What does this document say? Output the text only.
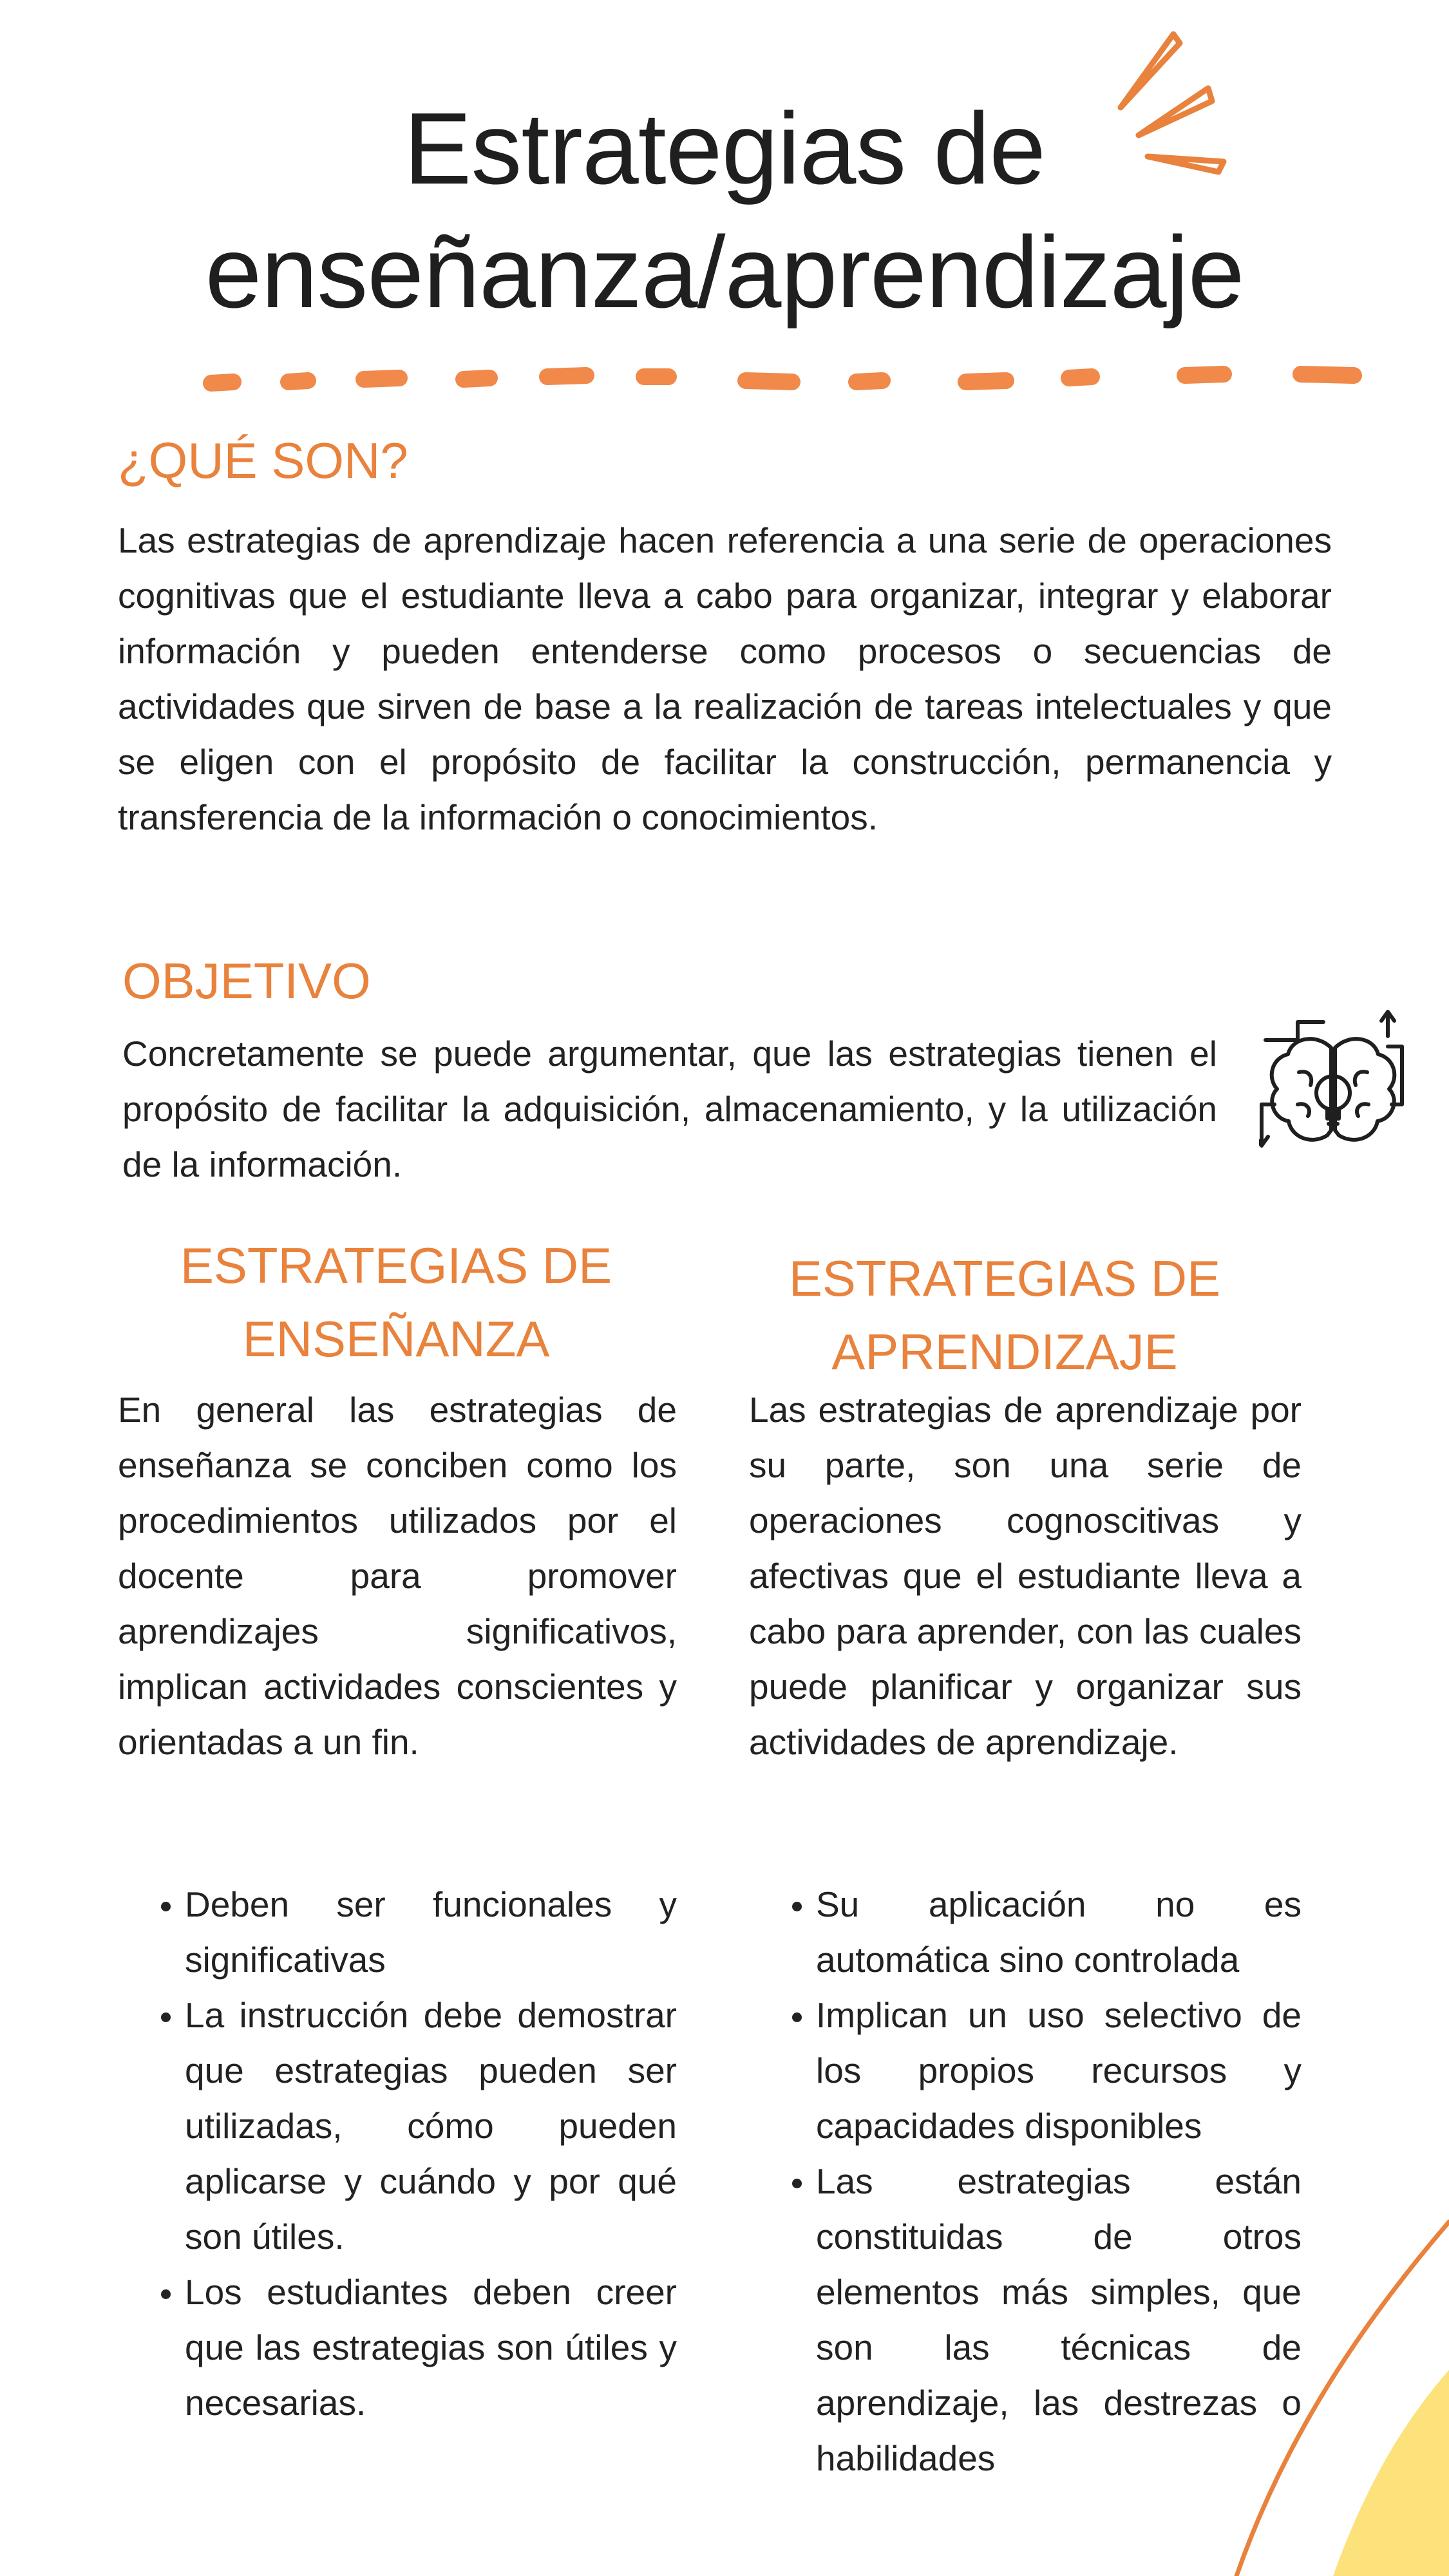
Estrategias de
enseñanza/aprendizaje
¿QUÉ SON?

Las estrategias de aprendizaje hacen referencia a una serie de operaciones cognitivas que el estudiante lleva a cabo para organizar, integrar y elaborar información y pueden entenderse como procesos o secuencias de actividades que sirven de base a la realización de tareas intelectuales y que se eligen con el propósito de facilitar la construcción, permanencia y transferencia de la información o conocimientos.

OBJETIVO

Concretamente se puede argumentar, que las estrategias tienen el propósito de facilitar la adquisición, almacenamiento, y la utilización de la información.

ESTRATEGIAS DE
ENSEÑANZA
ESTRATEGIAS DE
APRENDIZAJE

En general las estrategias de enseñanza se conciben como los procedimientos utilizados por el docente para promover aprendizajes significativos, implican actividades conscientes y orientadas a un fin.

Las estrategias de aprendizaje por su parte, son una serie de operaciones cognoscitivas y afectivas que el estudiante lleva a cabo para aprender, con las cuales puede planificar y organizar sus actividades de aprendizaje.

• Deben ser funcionales y significativas
• La instrucción debe demostrar que estrategias pueden ser utilizadas, cómo pueden aplicarse y cuándo y por qué son útiles.
• Los estudiantes deben creer que las estrategias son útiles y necesarias.
• Su aplicación no es automática sino controlada
• Implican un uso selectivo de los propios recursos y capacidades disponibles
• Las estrategias están constituidas de otros elementos más simples, que son las técnicas de aprendizaje, las destrezas o habilidades
